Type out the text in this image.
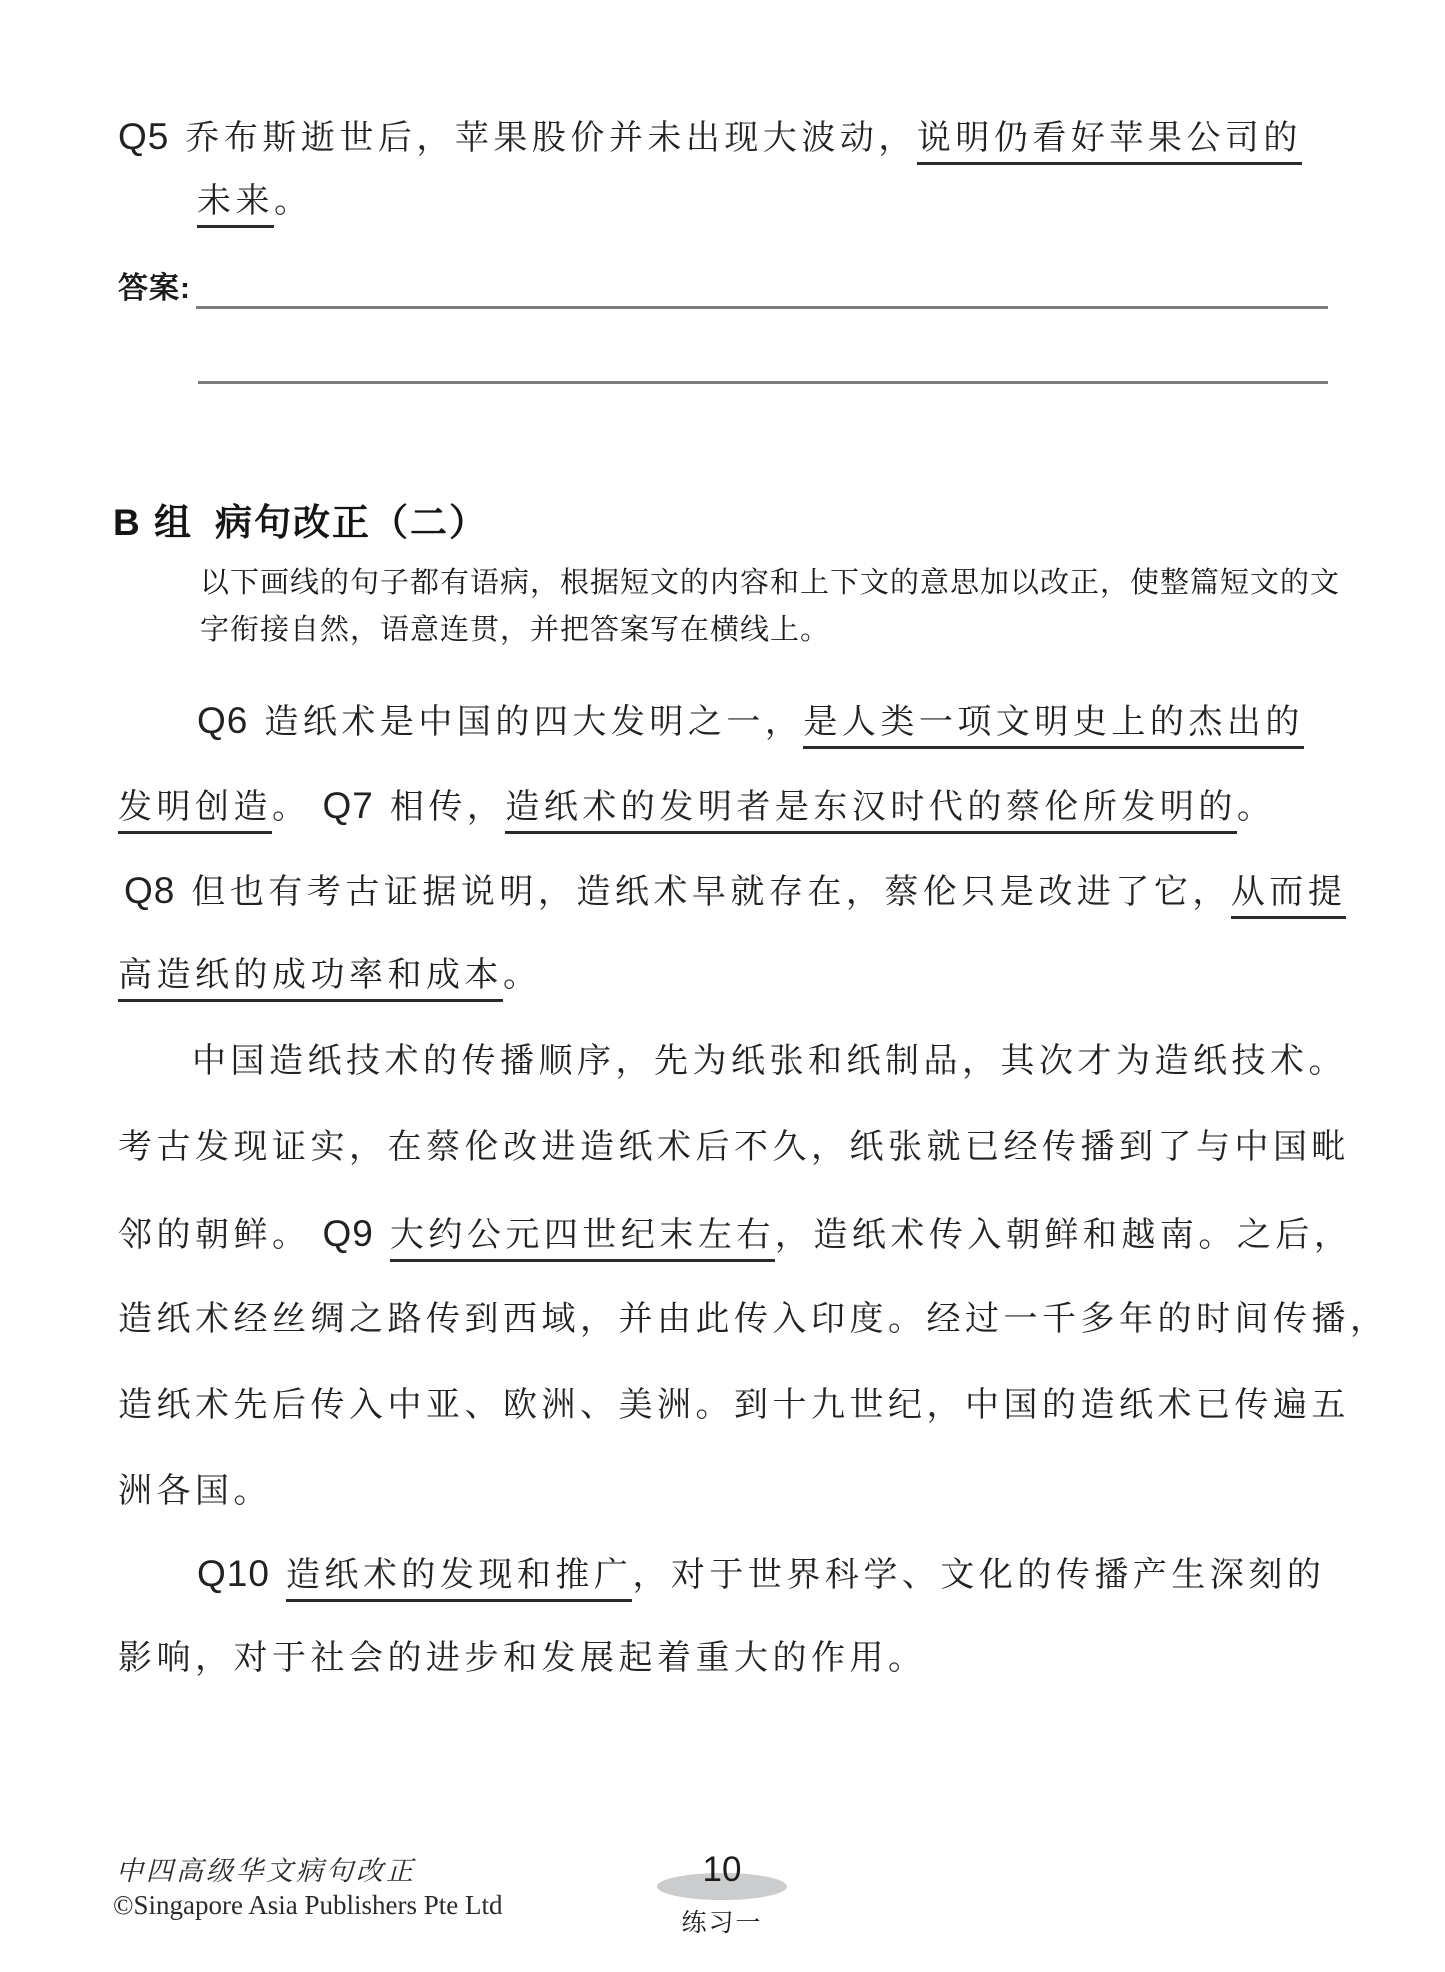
Q5 乔布斯逝世后，苹果股价并未出现大波动，说明仍看好苹果公司的
未来。
以下画线的句子都有语病，根据短文的内容和上下文的意思加以改正，使整篇短文的文
字衔接自然，语意连贯，并把答案写在横线上。
Q6 造纸术是中国的四大发明之一，是人类一项文明史上的杰出的
发明创造。 Q7 相传，造纸术的发明者是东汉时代的蔡伦所发明的。
Q8 但也有考古证据说明，造纸术早就存在，蔡伦只是改进了它，从而提
高造纸的成功率和成本。
中国造纸技术的传播顺序，先为纸张和纸制品，其次才为造纸技术。
考古发现证实，在蔡伦改进造纸术后不久，纸张就已经传播到了与中国毗
邻的朝鲜。 Q9 大约公元四世纪末左右，造纸术传入朝鲜和越南。之后，
造纸术经丝绸之路传到西域，并由此传入印度。经过一千多年的时间传播，
造纸术先后传入中亚、欧洲、美洲。到十九世纪，中国的造纸术已传遍五
洲各国。
Q10 造纸术的发现和推广，对于世界科学、文化的传播产生深刻的
影响，对于社会的进步和发展起着重大的作用。
答案:
B 组 病句改正（二）
中四高级华文病句改正
©Singapore Asia Publishers Pte Ltd
10
练习一
